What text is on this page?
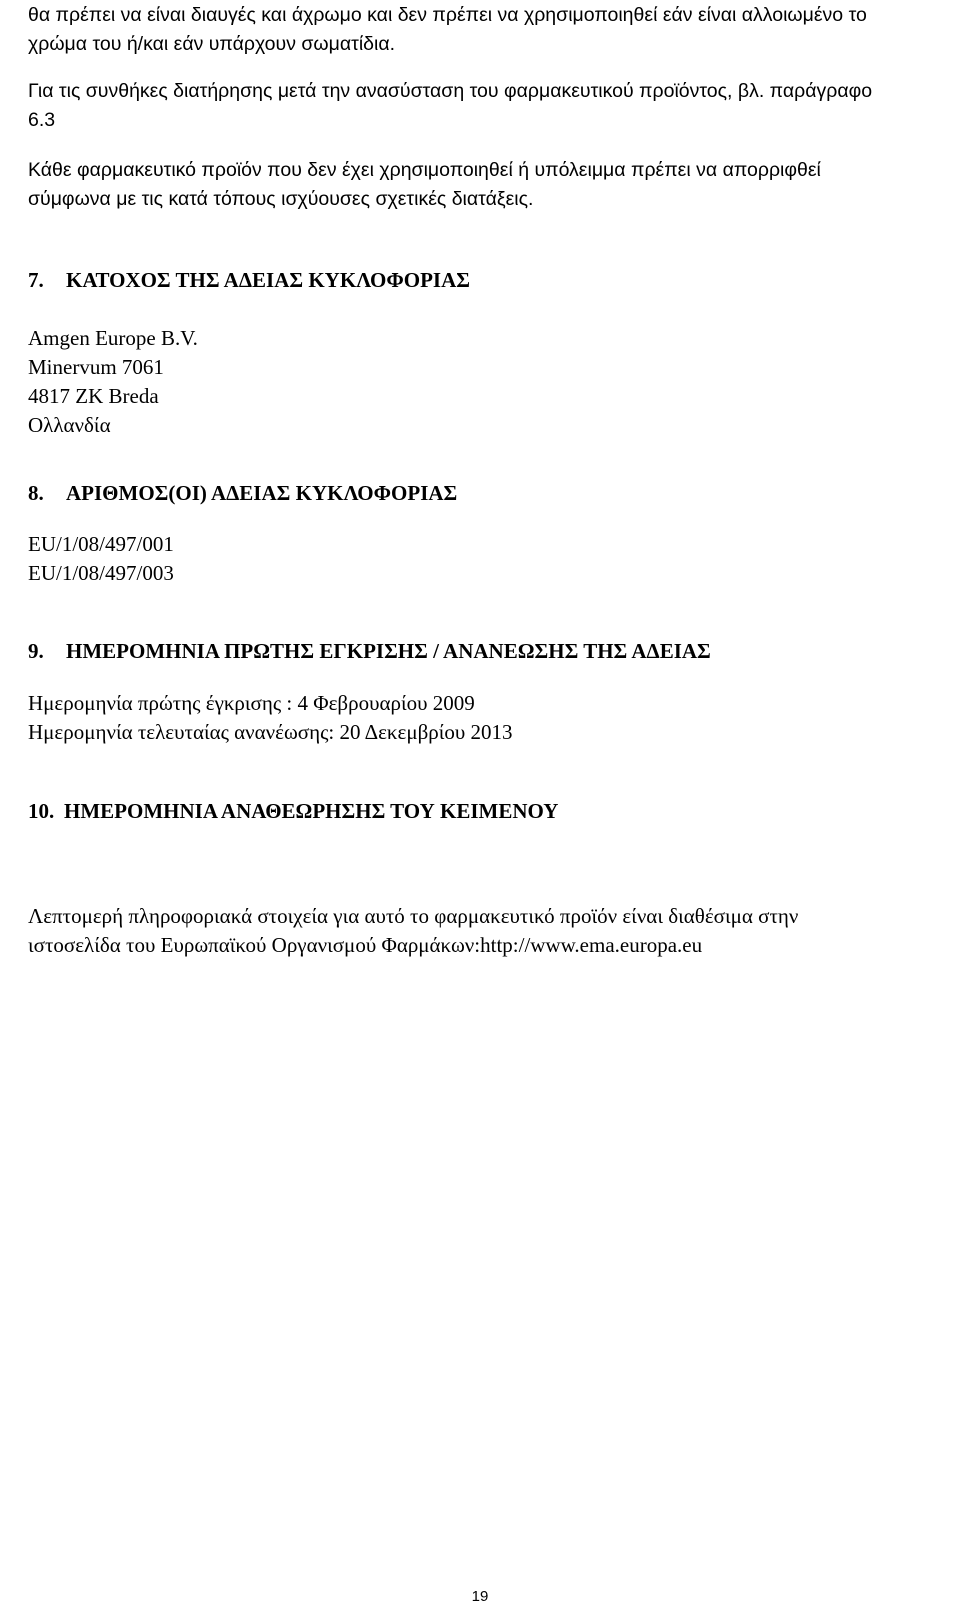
θα πρέπει να είναι διαυγές και άχρωμο και δεν πρέπει να χρησιμοποιηθεί εάν είναι αλλοιωμένο το
χρώμα του ή/και εάν υπάρχουν σωματίδια.

Για τις συνθήκες διατήρησης μετά την ανασύσταση του φαρμακευτικού προϊόντος, βλ. παράγραφο
6.3

Κάθε φαρμακευτικό προϊόν που δεν έχει χρησιμοποιηθεί ή υπόλειμμα πρέπει να απορριφθεί
σύμφωνα με τις κατά τόπους ισχύουσες σχετικές διατάξεις.

7. ΚΑΤΟΧΟΣ ΤΗΣ ΑΔΕΙΑΣ ΚΥΚΛΟΦΟΡΙΑΣ

Amgen Europe B.V.
Minervum 7061
4817 ZK Breda
Ολλανδία

8. ΑΡΙΘΜΟΣ(ΟΙ) ΑΔΕΙΑΣ ΚΥΚΛΟΦΟΡΙΑΣ

EU/1/08/497/001
EU/1/08/497/003

9. ΗΜΕΡΟΜΗΝΙΑ ΠΡΩΤΗΣ ΕΓΚΡΙΣΗΣ / ΑΝΑΝΕΩΣΗΣ ΤΗΣ ΑΔΕΙΑΣ

Ημερομηνία πρώτης έγκρισης : 4 Φεβρουαρίου 2009
Ημερομηνία τελευταίας ανανέωσης: 20 Δεκεμβρίου 2013

10. ΗΜΕΡΟΜΗΝΙΑ ΑΝΑΘΕΩΡΗΣΗΣ ΤΟΥ ΚΕΙΜΕΝΟΥ

Λεπτομερή πληροφοριακά στοιχεία για αυτό το φαρμακευτικό προϊόν είναι διαθέσιμα στην
ιστοσελίδα του Ευρωπαϊκού Οργανισμού Φαρμάκων:http://www.ema.europa.eu

19
